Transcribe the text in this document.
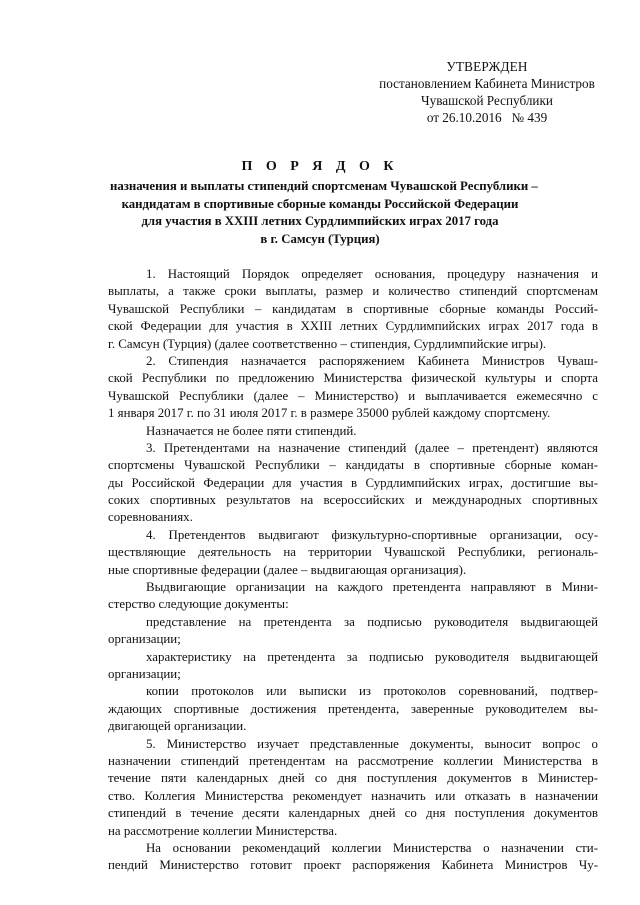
УТВЕРЖДЕН
постановлением Кабинета Министров
Чувашской Республики
от 26.10.2016   № 439
П О Р Я Д О К
назначения и выплаты стипендий спортсменам Чувашской Республики –
кандидатам в спортивные сборные команды Российской Федерации
для участия в XXIII летних Сурдлимпийских играх 2017 года
в г. Самсун (Турция)
1. Настоящий Порядок определяет основания, процедуру назначения и
выплаты, а также сроки выплаты, размер и количество стипендий спортсменам
Чувашской Республики – кандидатам в спортивные сборные команды Россий-
ской Федерации для участия в XXIII летних Сурдлимпийских играх 2017 года в
г. Самсун (Турция) (далее соответственно – стипендия, Сурдлимпийские игры).
2. Стипендия назначается распоряжением Кабинета Министров Чуваш-
ской Республики по предложению Министерства физической культуры и спорта
Чувашской Республики (далее – Министерство) и выплачивается ежемесячно с
1 января 2017 г. по 31 июля 2017 г. в размере 35000 рублей каждому спортсмену.
Назначается не более пяти стипендий.
3. Претендентами на назначение стипендий (далее – претендент) являются
спортсмены Чувашской Республики – кандидаты в спортивные сборные коман-
ды Российской Федерации для участия в Сурдлимпийских играх, достигшие вы-
соких спортивных результатов на всероссийских и международных спортивных
соревнованиях.
4. Претендентов выдвигают физкультурно-спортивные организации, осу-
ществляющие деятельность на территории Чувашской Республики, региональ-
ные спортивные федерации (далее – выдвигающая организация).
Выдвигающие организации на каждого претендента направляют в Мини-
стерство следующие документы:
представление на претендента за подписью руководителя выдвигающей
организации;
характеристику на претендента за подписью руководителя выдвигающей
организации;
копии протоколов или выписки из протоколов соревнований, подтвер-
ждающих спортивные достижения претендента, заверенные руководителем вы-
двигающей организации.
5. Министерство изучает представленные документы, выносит вопрос о
назначении стипендий претендентам на рассмотрение коллегии Министерства в
течение пяти календарных дней со дня поступления документов в Министер-
ство. Коллегия Министерства рекомендует назначить или отказать в назначении
стипендий в течение десяти календарных дней со дня поступления документов
на рассмотрение коллегии Министерства.
На основании рекомендаций коллегии Министерства о назначении сти-
пендий Министерство готовит проект распоряжения Кабинета Министров Чу-
